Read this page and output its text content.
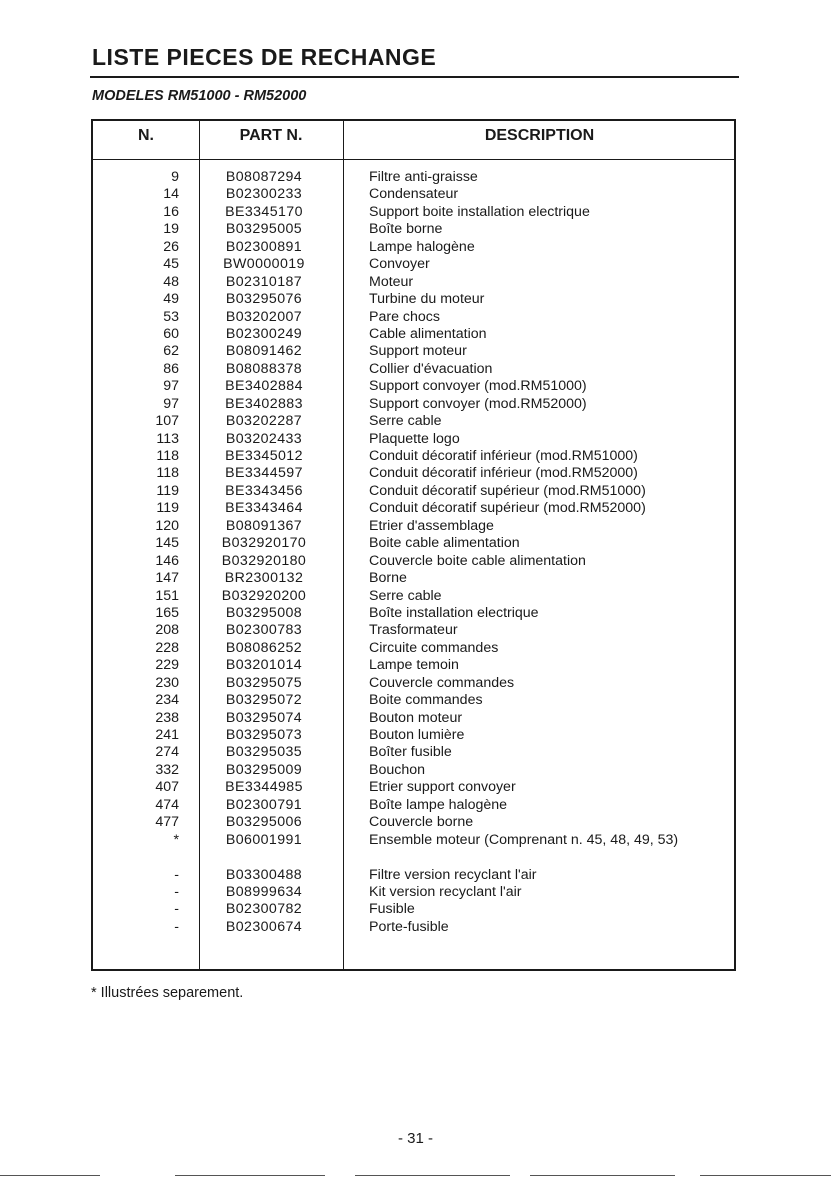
LISTE PIECES DE RECHANGE
MODELES RM51000 - RM52000
N.	PART N.	DESCRIPTION
9	B08087294	Filtre anti-graisse
14	B02300233	Condensateur
16	BE3345170	Support boite installation electrique
19	B03295005	Boîte borne
26	B02300891	Lampe halogène
45	BW0000019	Convoyer
48	B02310187	Moteur
49	B03295076	Turbine du moteur
53	B03202007	Pare chocs
60	B02300249	Cable alimentation
62	B08091462	Support moteur
86	B08088378	Collier d'évacuation
97	BE3402884	Support convoyer (mod.RM51000)
97	BE3402883	Support convoyer (mod.RM52000)
107	B03202287	Serre cable
113	B03202433	Plaquette logo
118	BE3345012	Conduit décoratif inférieur (mod.RM51000)
118	BE3344597	Conduit décoratif inférieur (mod.RM52000)
119	BE3343456	Conduit décoratif supérieur (mod.RM51000)
119	BE3343464	Conduit décoratif supérieur (mod.RM52000)
120	B08091367	Etrier d'assemblage
145	B032920170	Boite cable alimentation
146	B032920180	Couvercle boite cable alimentation
147	BR2300132	Borne
151	B032920200	Serre cable
165	B03295008	Boîte installation electrique
208	B02300783	Trasformateur
228	B08086252	Circuite commandes
229	B03201014	Lampe temoin
230	B03295075	Couvercle commandes
234	B03295072	Boite commandes
238	B03295074	Bouton moteur
241	B03295073	Bouton lumière
274	B03295035	Boîter fusible
332	B03295009	Bouchon
407	BE3344985	Etrier support convoyer
474	B02300791	Boîte lampe halogène
477	B03295006	Couvercle borne
*	B06001991	Ensemble moteur (Comprenant n. 45, 48, 49, 53)
-	B03300488	Filtre version recyclant l'air
-	B08999634	Kit version recyclant l'air
-	B02300782	Fusible
-	B02300674	Porte-fusible
* Illustrées separement.
- 31 -
